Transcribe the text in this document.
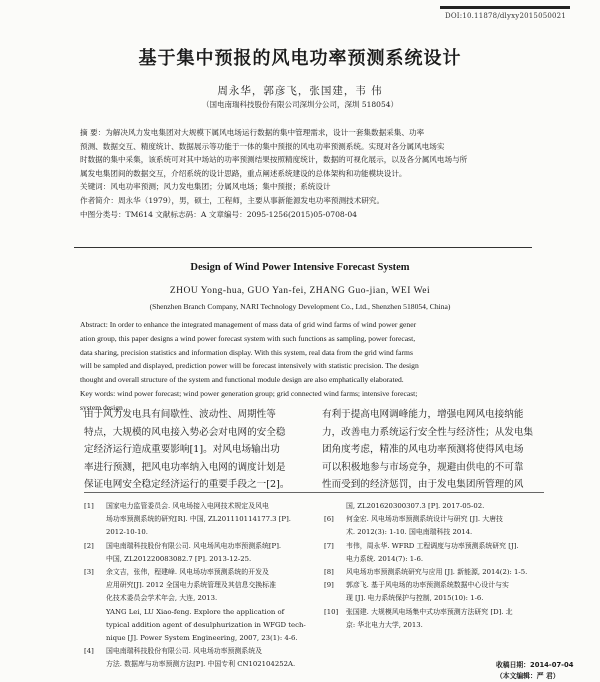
DOI:10.11878/dlyxy2015050021
基于集中预报的风电功率预测系统设计
周永华，郭彦飞，张国建，韦 伟
（国电南瑞科技股份有限公司深圳分公司，深圳 518054）
摘 要：为解决风力发电集团对大规模下属风电场运行数据的集中管理需求，设计一套集数据采集、功率
预测、数据交互、精度统计、数据展示等功能于一体的集中预报的风电功率预测系统。实现对各分属风电场实
时数据的集中采集，该系统可对其中场站的功率预测结果按照精度统计，数据的可视化展示，以及各分属风电场与所
属发电集团间的数据交互，介绍系统的设计思路，重点阐述系统建设的总体架构和功能模块设计。
关键词：风电功率预测；风力发电集团；分属风电场；集中预报；系统设计
作者简介：周永华（1979），男，硕士，工程师，主要从事新能源发电功率预测技术研究。
中图分类号：TM614 文献标志码：A 文章编号：2095-1256(2015)05-0708-04
Design of Wind Power Intensive Forecast System
ZHOU Yong-hua, GUO Yan-fei, ZHANG Guo-jian, WEI Wei
(Shenzhen Branch Company, NARI Technology Development Co., Ltd., Shenzhen 518054, China)
Abstract: In order to enhance the integrated management of mass data of grid wind farms of wind power gener
ation group, this paper designs a wind power forecast system with such functions as sampling, power forecast,
data sharing, precision statistics and information display. With this system, real data from the grid wind farms
will be sampled and displayed, prediction power will be forecast intensively with statistic precision. The design
thought and overall structure of the system and functional module design are also emphatically elaborated.
Key words: wind power forecast; wind power generation group; grid connected wind farms; intensive forecast;
system design
由于风力发电具有间歇性、波动性、周期性等
特点，大规模的风电接入势必会对电网的安全稳
定经济运行造成重要影响[1]。对风电场输出功
率进行预测，把风电功率纳入电网的调度计划是
保证电网安全稳定经济运行的重要手段之一[2]。
有利于提高电网调峰能力，增强电网风电接纳能
力，改善电力系统运行安全性与经济性；从发电集
团角度考虑，精准的风电功率预测将使得风电场
可以积极地参与市场竞争，规避由供电的不可靠
性而受到的经济惩罚，由于发电集团所管理的风
[1]	国家电力监管委员会. 风电场接入电网技术规定及风电
场功率预测系统的研究[R]. 中国, ZL201110114177.3 [P].
2012-10-10.
[2]	国电南瑞科技股份有限公司. 风电场风电功率预测系统[P].
中国, ZL201220083082.7 [P]. 2013-12-25.
[3]	余文吉，张伟，程建峰. 风电场功率预测系统的开发及
应用研究[J]. 2012 全国电力系统管理及其信息交换标准
化技术委员会学术年会, 大连, 2013.
YANG Lei, LU Xiao-feng. Explore the application of
typical addition agent of desulphurization in WFGD tech-
nique [J]. Power System Engineering, 2007, 23(1): 4-6.
[4]	国电南瑞科技股份有限公司. 风电场功率预测系统及
方法. 数据库与功率预测方法[P]. 中国专利 CN102104252A.
国, ZL201620300307.3 [P]. 2017-05-02.
[6]	何金宏. 风电场功率预测系统设计与研究 [J]. 大唐技
术. 2012(3): 1-10. 国电南瑞科技 2014.
[7]	韦伟，周永华. WFRD 工程调度与功率预测系统研究 [J].
电力系统. 2014(7): 1-6.
[8]	风电场功率预测系统研究与应用 [J]. 新能源, 2014(2): 1-5.
[9]	郭彦飞. 基于风电场的功率预测系统数据中心设计与实
现 [J]. 电力系统保护与控制, 2015(10): 1-6.
[10]	张国建. 大规模风电场集中式功率预测方法研究 [D]. 北
京: 华北电力大学, 2013.
收稿日期：2014-07-04
（本文编辑：严 君）
